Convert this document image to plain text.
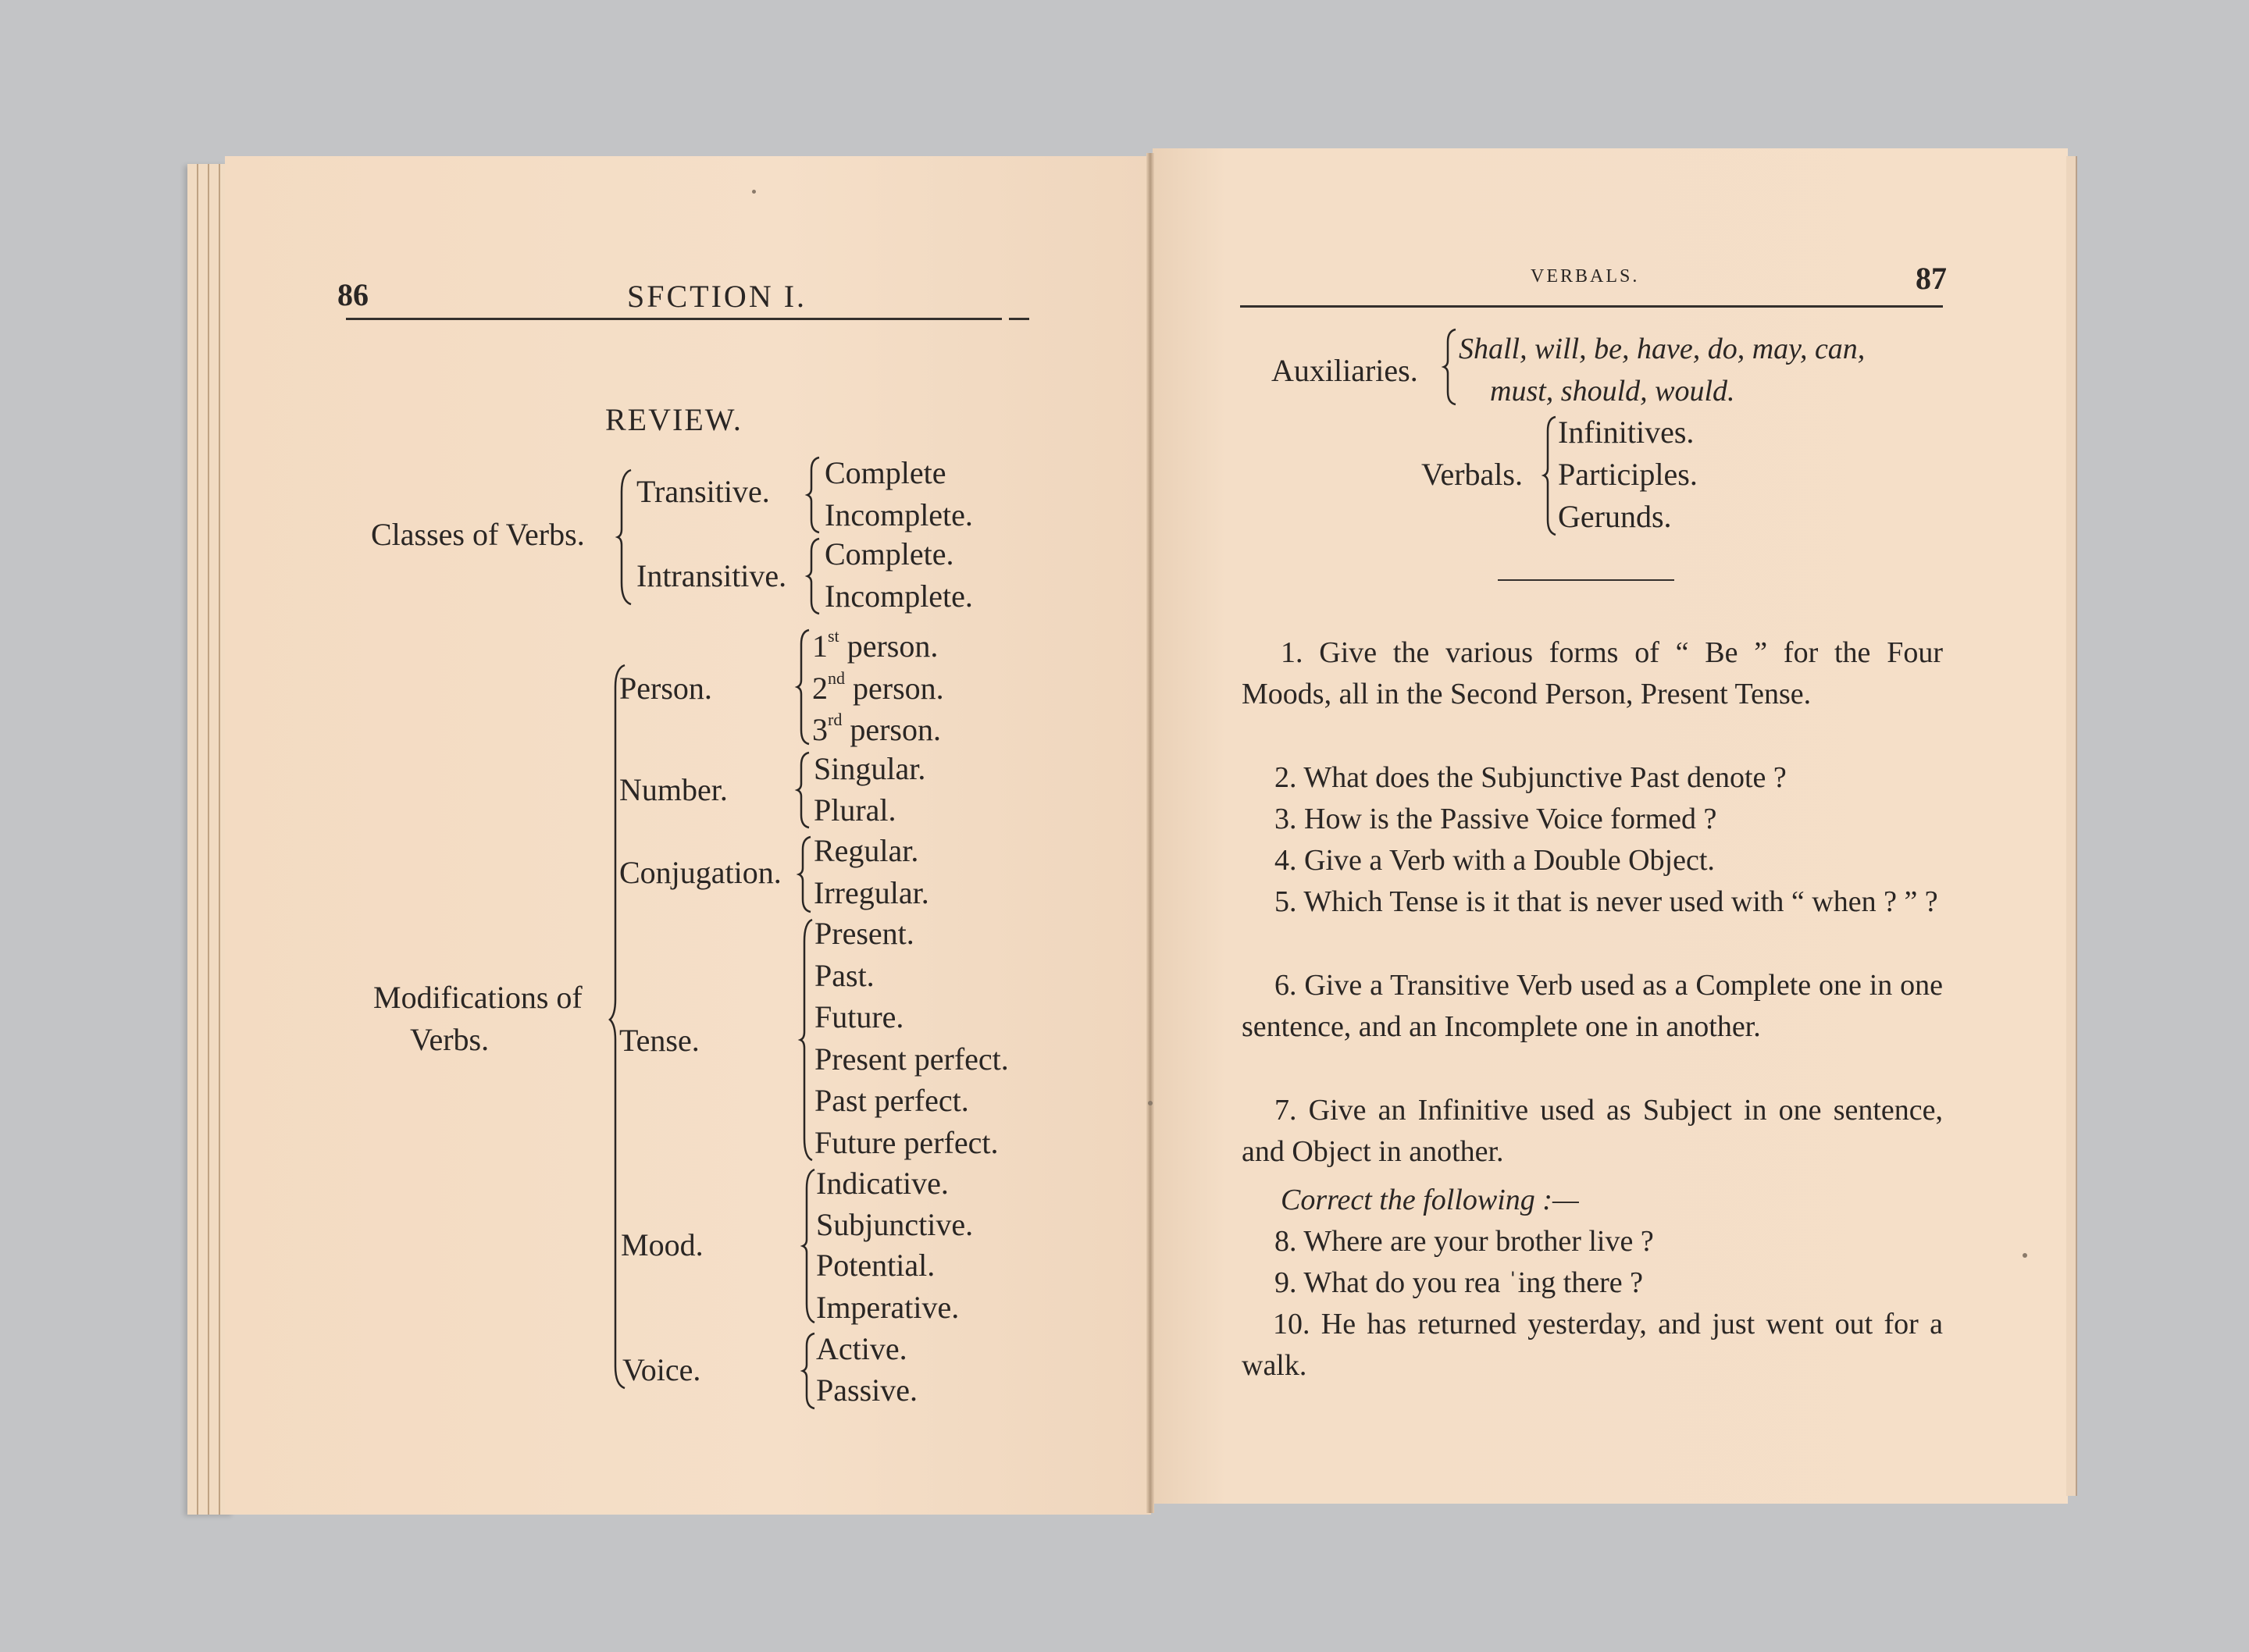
86	SFCTION I.
REVIEW.
Classes of Verbs.
Transitive.
Intransitive.
Complete
Incomplete.
Complete.
Incomplete.
Modifications of
Verbs.
Person.
1st person.
2nd person.
3rd person.
Number.
Singular.
Plural.
Conjugation.
Regular.
Irregular.
Tense.
Present.
Past.
Future.
Present perfect.
Past perfect.
Future perfect.
Mood.
Indicative.
Subjunctive.
Potential.
Imperative.
Voice.
Active.
Passive.
VERBALS.	87
Auxiliaries.
Shall, will, be, have, do, may, can,
must, should, would.
Verbals.
Infinitives.
Participles.
Gerunds.
1. Give the various forms of “ Be ” for the Four Moods, all in the Second Person, Present Tense.
2. What does the Subjunctive Past denote ?
3. How is the Passive Voice formed ?
4. Give a Verb with a Double Object.
5. Which Tense is it that is never used with “ when ? ” ?
6. Give a Transitive Verb used as a Complete one in one sentence, and an Incomplete one in another.
7. Give an Infinitive used as Subject in one sentence, and Object in another.
Correct the following :—
8. Where are your brother live ?
9. What do you rea ˈing there ?
10. He has returned yesterday, and just went out for a walk.
